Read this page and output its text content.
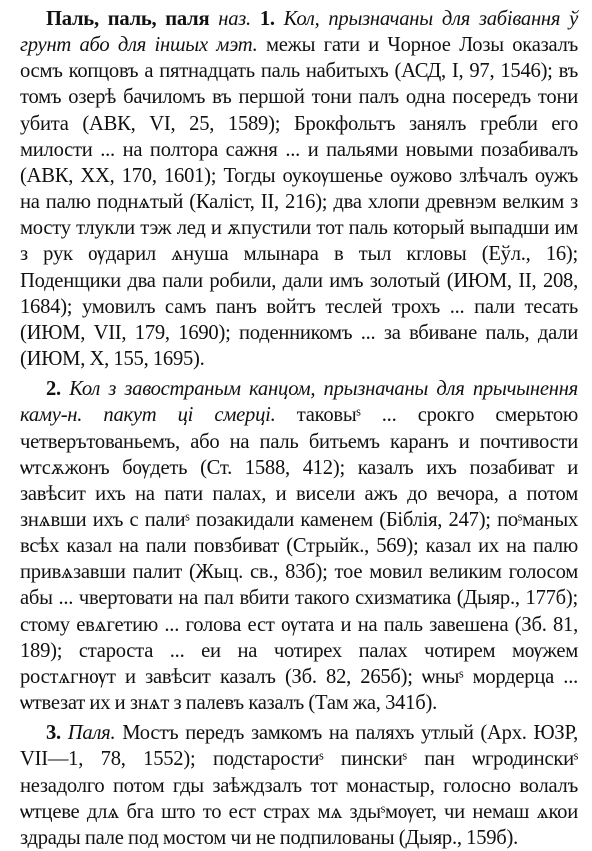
Паль, паль, паля наз. 1. Кол, прызначаны для забівання ў грунт або для іншых мэт. межы гати и Чорное Лозы оказалъ осмъ копцовъ а пятнадцать паль набитыхъ (АСД, І, 97, 1546); въ томъ озерѣ бачиломъ въ першой тони палъ одна посередъ тони убита (АВК, VI, 25, 1589); Брокфольтъ занялъ гребли его милости ... на полтора сажня ... и пальями новыми позабивалъ (АВК, ХХ, 170, 1601); Тогды оукѹшенье оужово злѣчалъ оужъ на палю поднѧтый (Каліст, II, 216); два хлопи древнэм велким з мосту тлукли тэж лед и ѫпустили тот паль который выпадши им з рук ѹдарил ѧнуша млынара в тыл кгловы (Еўл., 16); Поденщики два пали робили, дали имъ золотый (ИЮМ, II, 208, 1684); умовилъ самъ панъ войтъ теслей трохъ ... пали тесать (ИЮМ, VII, 179, 1690); поденникомъ ... за вбиване паль, дали (ИЮМ, Х, 155, 1695).

2. Кол з завостраным канцом, прызначаны для прычынення каму-н. пакут ці смерці. таковыˢ ... срокго смерьтою четверътованьемъ, або на паль битьемъ каранъ и почтивости ѡтсѫжонъ бѹдеть (Ст. 1588, 412); казалъ ихъ позабиват и завѣсит ихъ на пати палах, и висели ажъ до вечора, а потом знѧвши ихъ с палиˢ позакидали каменем (Біблія, 247); поˢманых всѣх казал на пали повзбиват (Стрыйк., 569); казал их на палю привѧзавши палит (Жыц. св., 83б); тое мовил великим голосом абы ... чвертовати на пал вбити такого схизматика (Дыяр., 177б); стому евѧгетию ... голова ест ѹтата и на паль завешена (Зб. 81, 189); староста ... еи на чотирех палах чотирем мѹжем ростѧгнѹт и завѣсит казалъ (Зб. 82, 265б); ѡныˢ мордерца ... ѡтвезат их и знѧт з палевъ казалъ (Там жа, 341б).

3. Паля. Мостъ передъ замкомъ на паляхъ утлый (Арх. ЮЗР, VII—1, 78, 1552); подстаростиˢ пинскиˢ пан ѡгродинскиˢ незадолго потом гды заѣждзалъ тот монастыр, голосно волалъ ѡтцеве длѧ бга што то ест страх мѧ здыˢмѹет, чи немаш ѧкои здрады пале под мостом чи не подпилованы (Дыяр., 159б).
